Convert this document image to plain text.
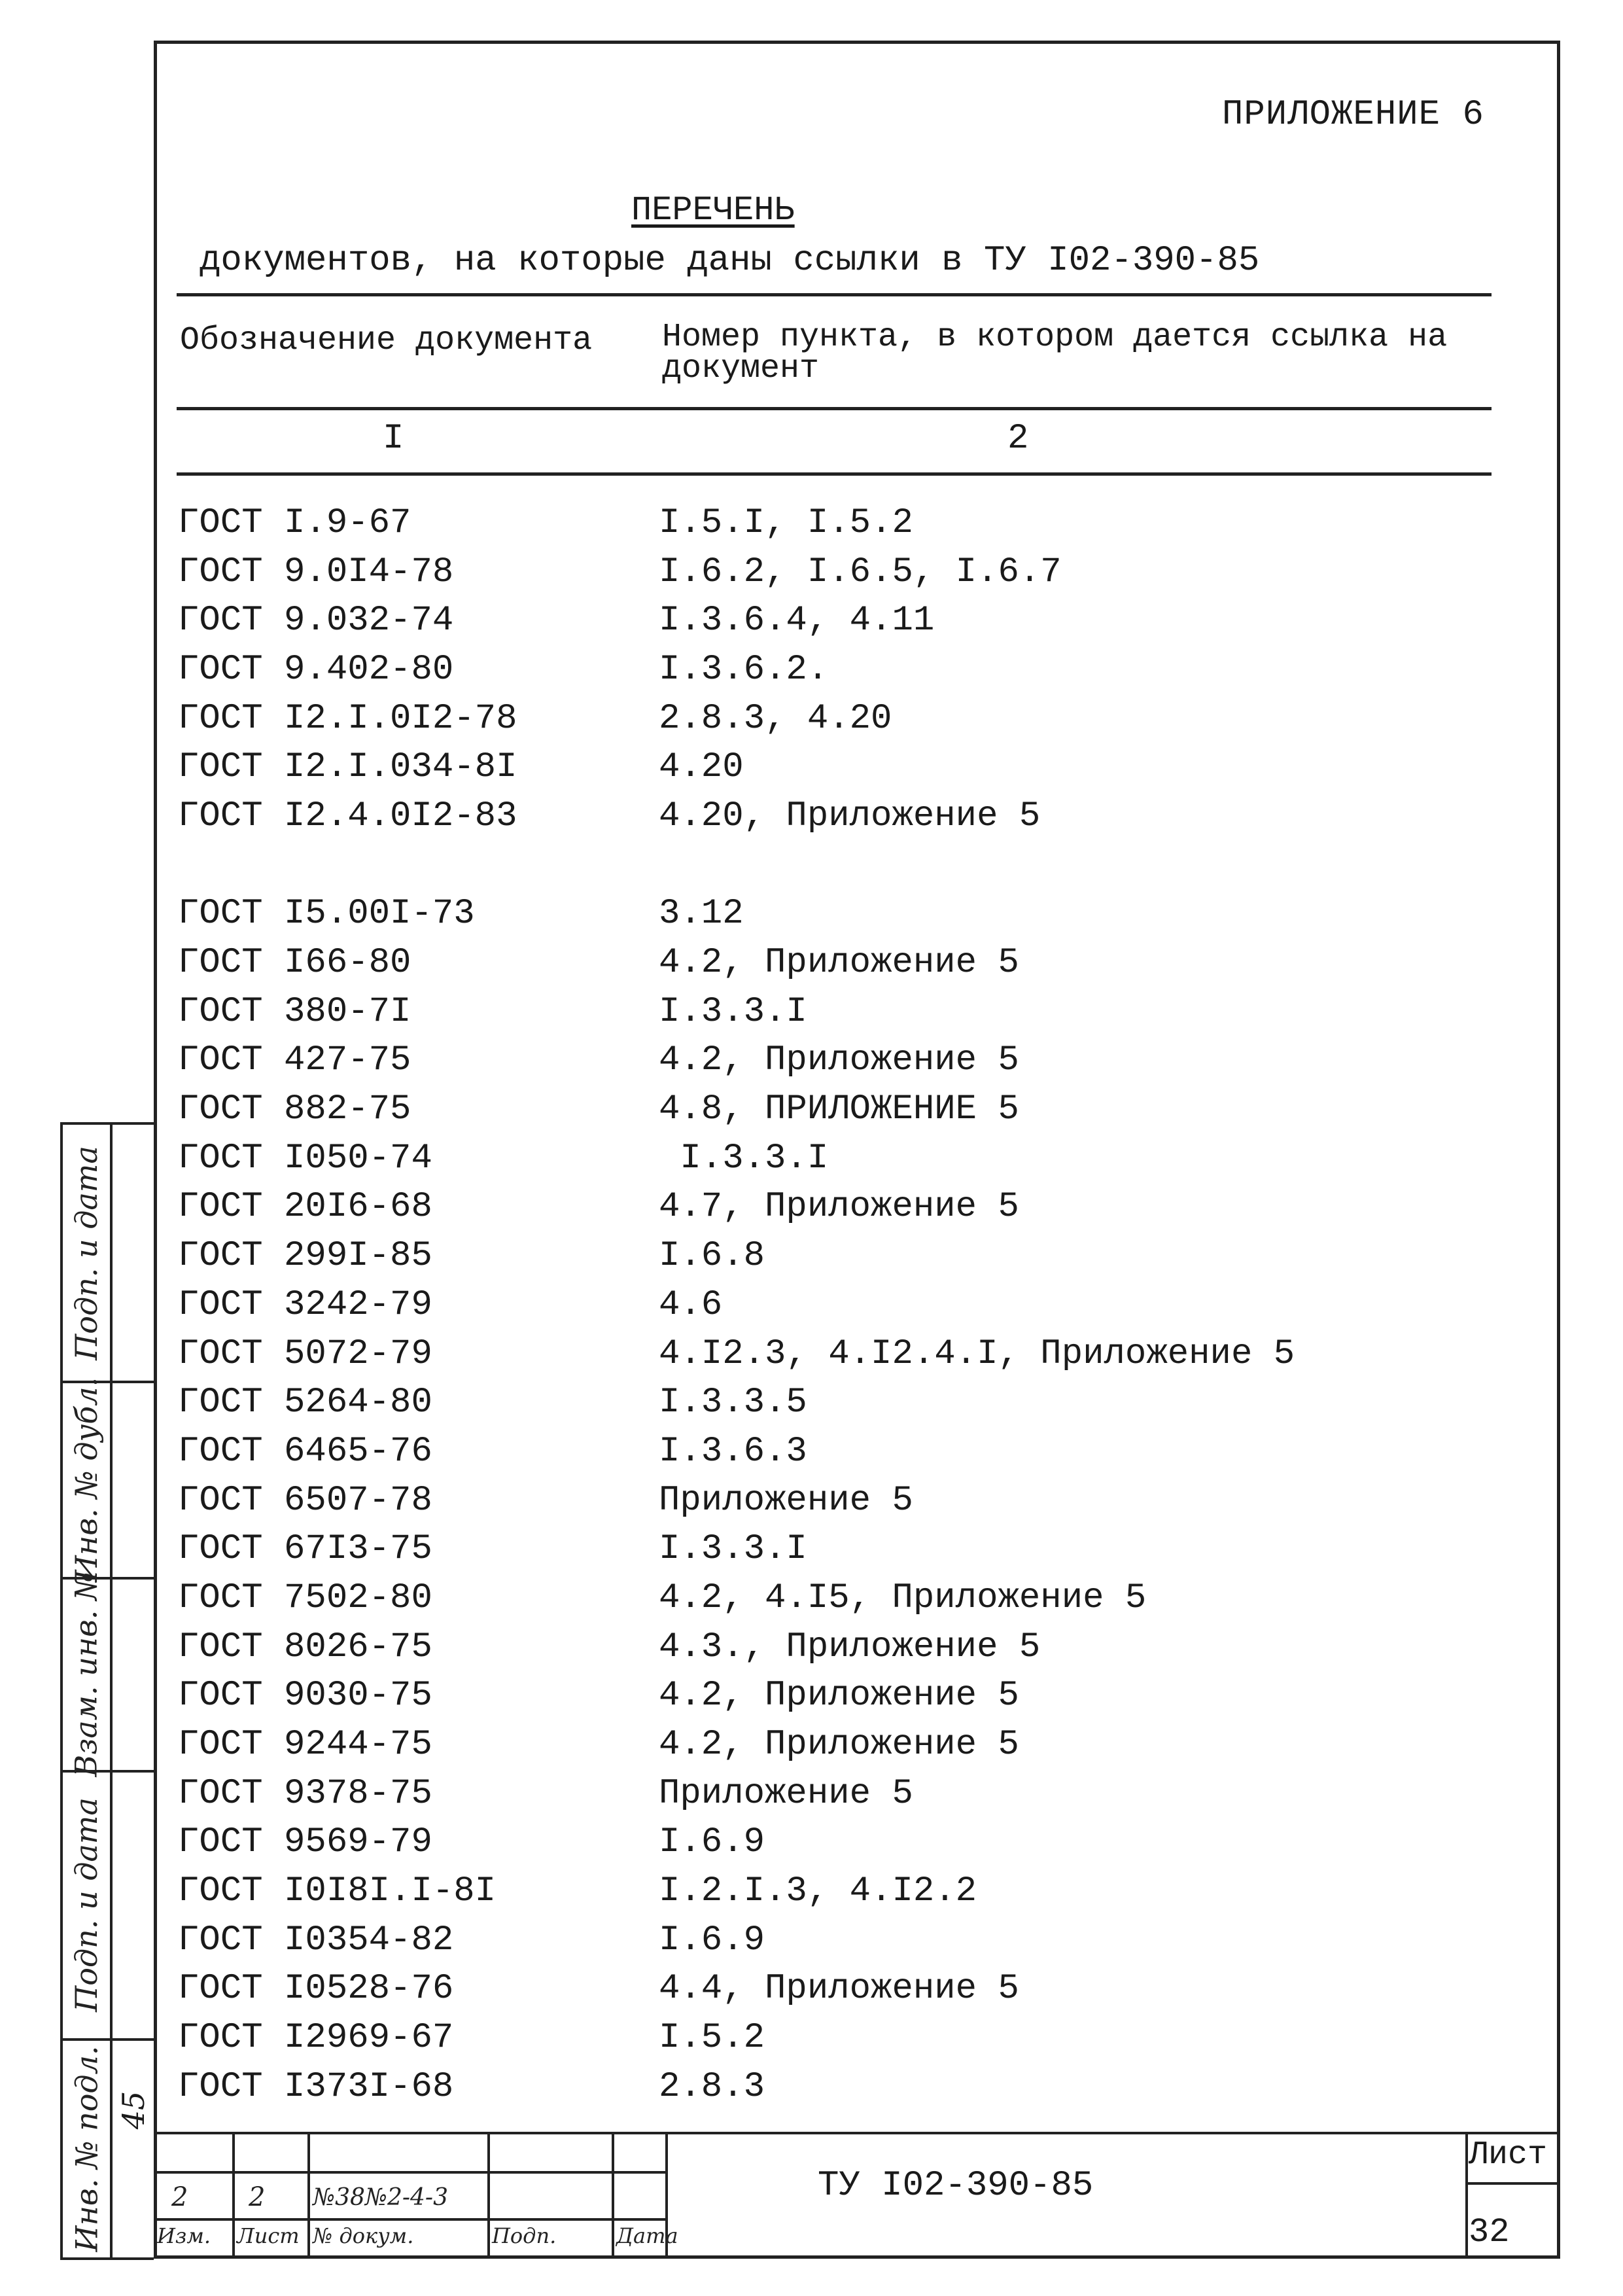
ПРИЛОЖЕНИЕ 6
ПЕРЕЧЕНЬ
документов, на которые даны ссылки в ТУ I02-390-85
Обозначение документа Номер пункта, в котором дается ссылка на документ
I	2
ГОСТ I.9-67	I.5.I, I.5.2
ГОСТ 9.0I4-78	I.6.2, I.6.5, I.6.7
ГОСТ 9.032-74	I.3.6.4, 4.11
ГОСТ 9.402-80	I.3.6.2.
ГОСТ I2.I.0I2-78	2.8.3, 4.20
ГОСТ I2.I.034-8I	4.20
ГОСТ I2.4.0I2-83	4.20, Приложение 5
ГОСТ I5.00I-73	3.12
ГОСТ I66-80	4.2, Приложение 5
ГОСТ 380-7I	I.3.3.I
ГОСТ 427-75	4.2, Приложение 5
ГОСТ 882-75	4.8, ПРИЛОЖЕНИЕ 5
ГОСТ I050-74	I.3.3.I
ГОСТ 20I6-68	4.7, Приложение 5
ГОСТ 299I-85	I.6.8
ГОСТ 3242-79	4.6
ГОСТ 5072-79	4.I2.3, 4.I2.4.I, Приложение 5
ГОСТ 5264-80	I.3.3.5
ГОСТ 6465-76	I.3.6.3
ГОСТ 6507-78	Приложение 5
ГОСТ 67I3-75	I.3.3.I
ГОСТ 7502-80	4.2, 4.I5, Приложение 5
ГОСТ 8026-75	4.3., Приложение 5
ГОСТ 9030-75	4.2, Приложение 5
ГОСТ 9244-75	4.2, Приложение 5
ГОСТ 9378-75	Приложение 5
ГОСТ 9569-79	I.6.9
ГОСТ I0I8I.I-8I	I.2.I.3, 4.I2.2
ГОСТ I0354-82	I.6.9
ГОСТ I0528-76	4.4, Приложение 5
ГОСТ I2969-67	I.5.2
ГОСТ I373I-68	2.8.3
Подп. и дата
Инв. № дубл.
Взам. инв. №
Подп. и дата
Инв. № подл. 45
2 2 №38№2-4-3
Изм. Лист № докум.	Подп.	Дата
ТУ I02-390-85
Лист
32
